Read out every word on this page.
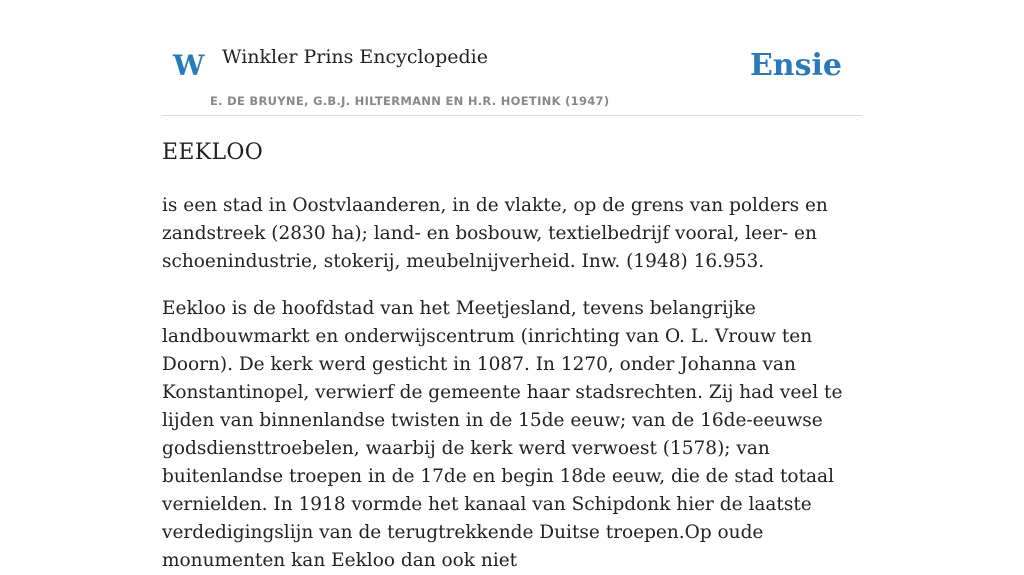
W Winkler Prins Encyclopedie
E. DE BRUYNE, G.B.J. HILTERMANN EN H.R. HOETINK (1947)
Ensie
EEKLOO

is een stad in Oostvlaanderen, in de vlakte, op de grens van polders en zandstreek (2830 ha); land- en bosbouw, textielbedrijf vooral, leer- en schoenindustrie, stokerij, meubelnijverheid. Inw. (1948) 16.953.

Eekloo is de hoofdstad van het Meetjesland, tevens belangrijke landbouwmarkt en onderwijscentrum (inrichting van O. L. Vrouw ten Doorn). De kerk werd gesticht in 1087. In 1270, onder Johanna van Konstantinopel, verwierf de gemeente haar stadsrechten. Zij had veel te lijden van binnenlandse twisten in de 15de eeuw; van de 16de-eeuwse godsdiensttroebelen, waarbij de kerk werd verwoest (1578); van buitenlandse troepen in de 17de en begin 18de eeuw, die de stad totaal vernielden. In 1918 vormde het kanaal van Schipdonk hier de laatste verdedigingslijn van de terugtrekkende Duitse troepen.Op oude monumenten kan Eekloo dan ook niet
